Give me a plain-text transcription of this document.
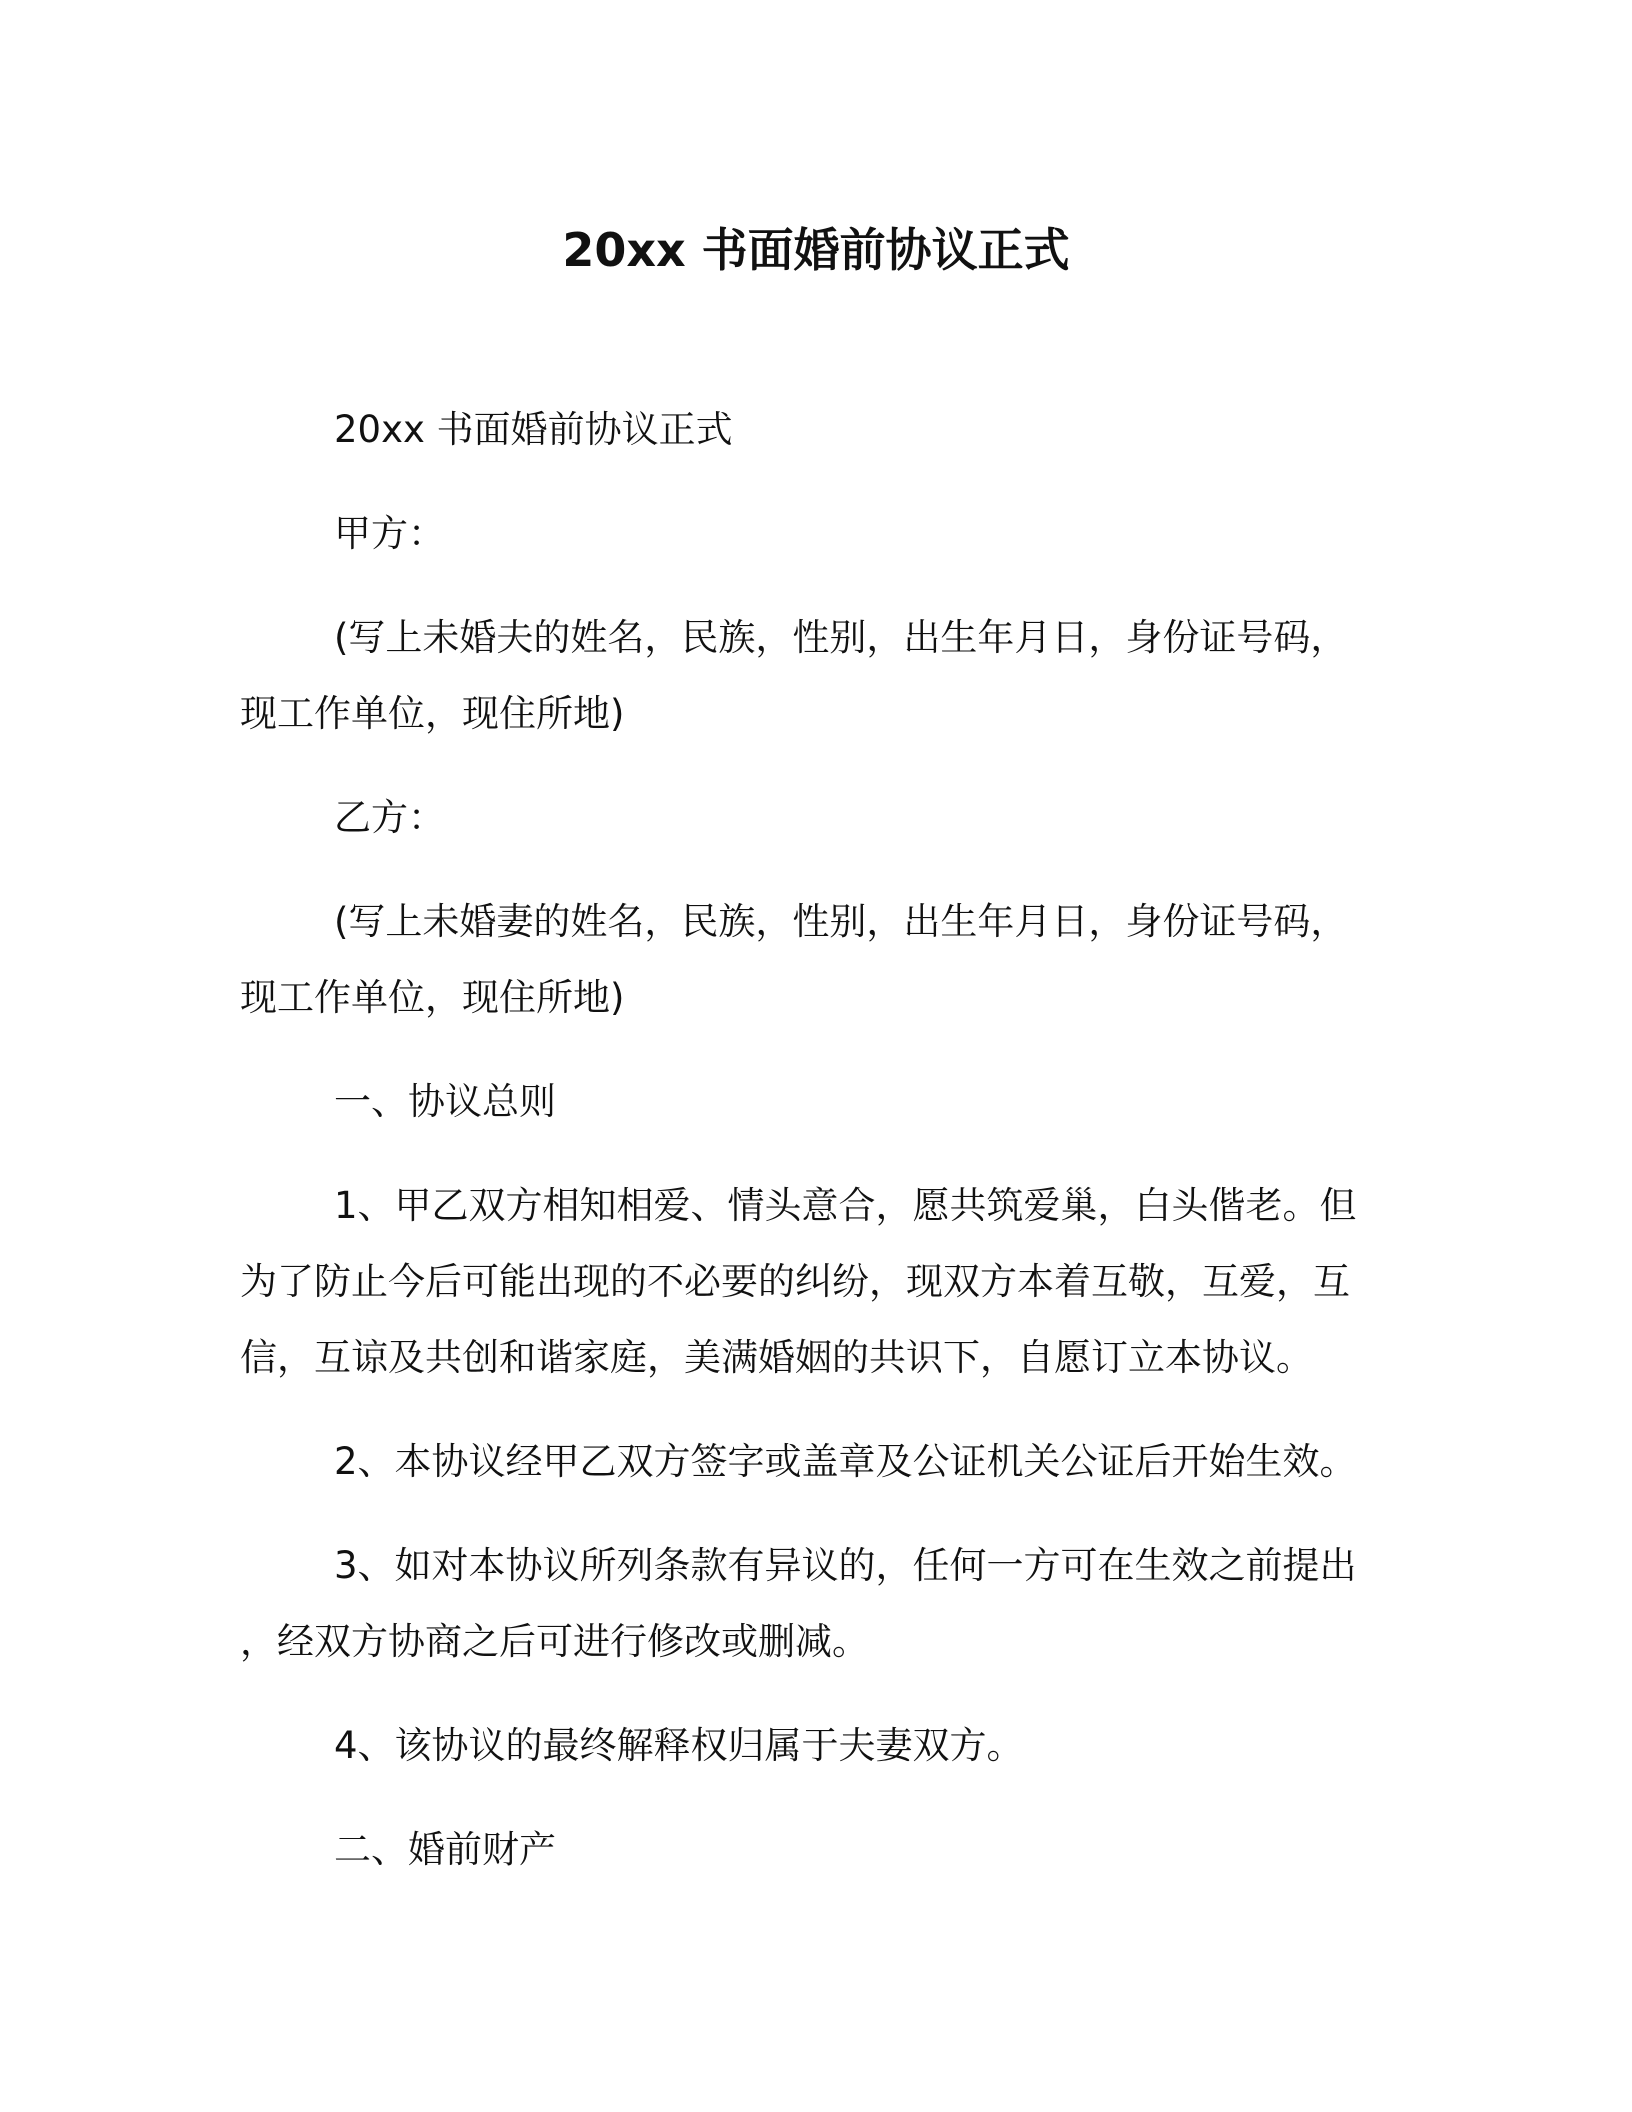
20xx 书面婚前协议正式

20xx 书面婚前协议正式

甲方：

(写上未婚夫的姓名，民族，性别，出生年月日，身份证号码，现工作单位，现住所地)

乙方：

(写上未婚妻的姓名，民族，性别，出生年月日，身份证号码，现工作单位，现住所地)

一、协议总则

1、甲乙双方相知相爱、情头意合，愿共筑爱巢，白头偕老。但为了防止今后可能出现的不必要的纠纷，现双方本着互敬，互爱，互信，互谅及共创和谐家庭，美满婚姻的共识下，自愿订立本协议。

2、本协议经甲乙双方签字或盖章及公证机关公证后开始生效。

3、如对本协议所列条款有异议的，任何一方可在生效之前提出，经双方协商之后可进行修改或删减。

4、该协议的最终解释权归属于夫妻双方。

二、婚前财产
